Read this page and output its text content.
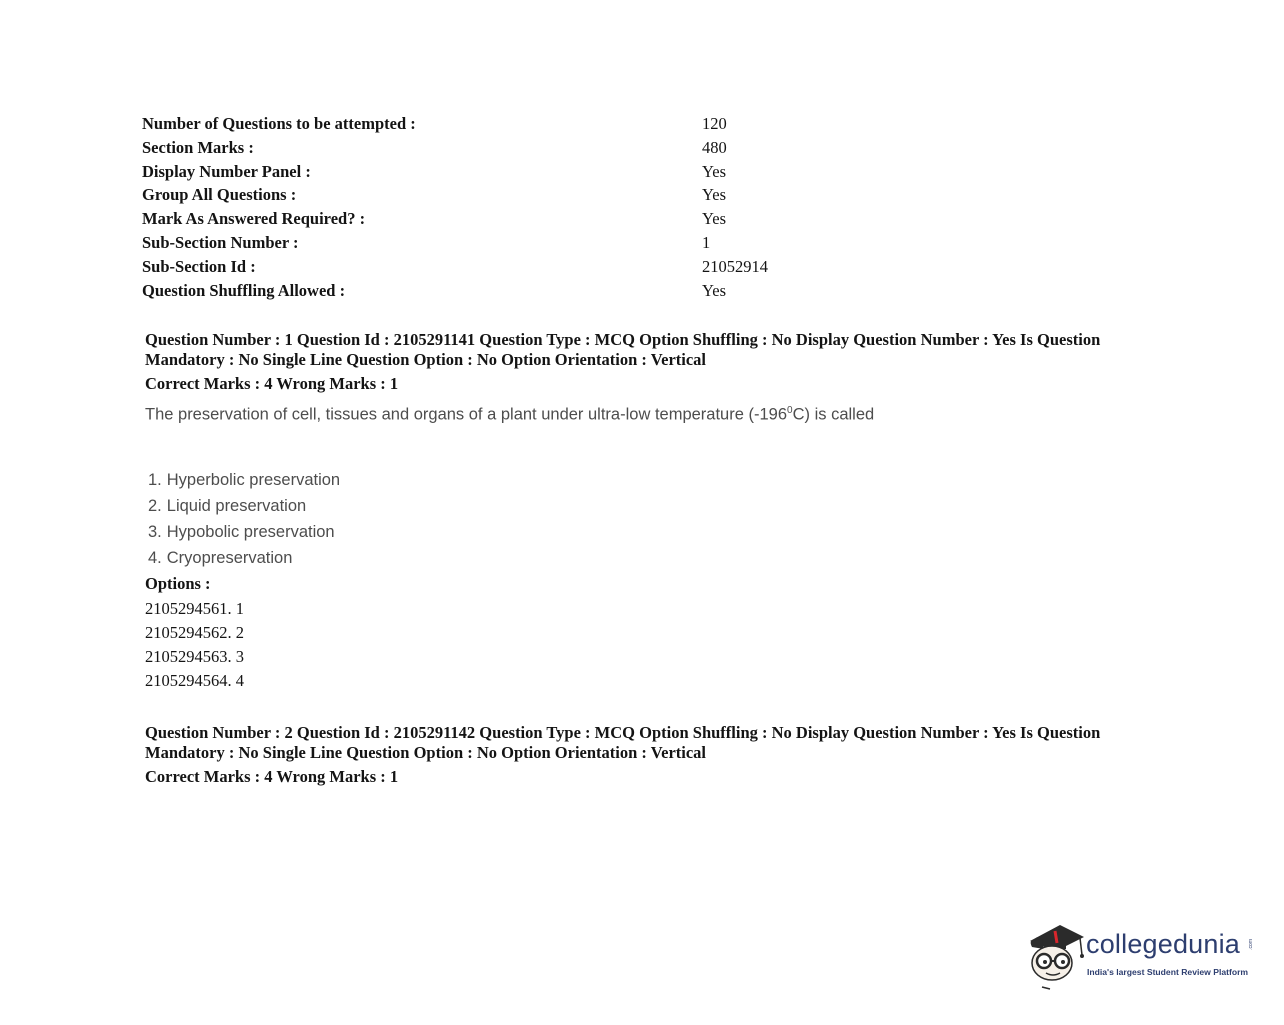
Number of Questions to be attempted :	120
Section Marks :	480
Display Number Panel :	Yes
Group All Questions :	Yes
Mark As Answered Required? :	Yes
Sub-Section Number :	1
Sub-Section Id :	21052914
Question Shuffling Allowed :	Yes
Question Number : 1 Question Id : 2105291141 Question Type : MCQ Option Shuffling : No Display Question Number : Yes Is Question Mandatory : No Single Line Question Option : No Option Orientation : Vertical
Correct Marks : 4 Wrong Marks : 1
The preservation of cell, tissues and organs of a plant under ultra-low temperature $(-196^0C)$ is called
1. Hyperbolic preservation
2. Liquid preservation
3. Hypobolic preservation
4. Cryopreservation
Options :
2105294561. 1
2105294562. 2
2105294563. 3
2105294564. 4
Question Number : 2 Question Id : 2105291142 Question Type : MCQ Option Shuffling : No Display Question Number : Yes Is Question Mandatory : No Single Line Question Option : No Option Orientation : Vertical
Correct Marks : 4 Wrong Marks : 1
collegedunia .com
India's largest Student Review Platform
